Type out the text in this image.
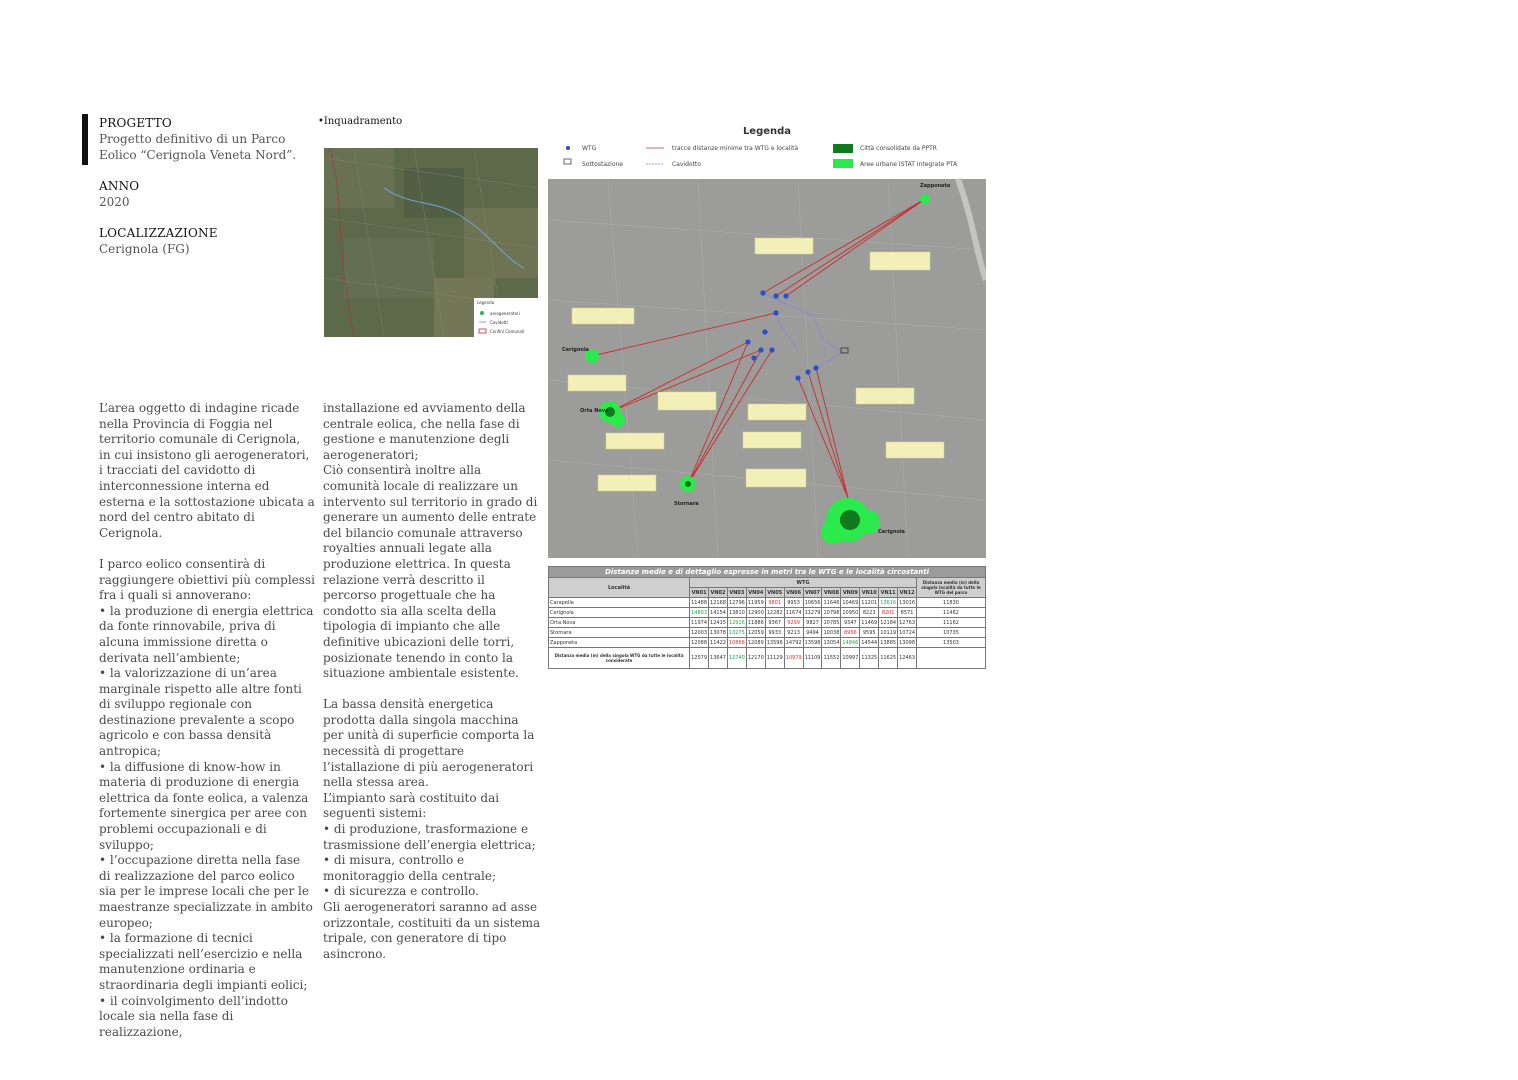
PROGETTO
Progetto definitivo di un Parco Eolico “Cerignola Veneta Nord”.
ANNO
2020
LOCALIZZAZIONE
Cerignola (FG)
•Inquadramento
Legenda
aerogeneratori
Cavidotti
Confini Comunali
L’area oggetto di indagine ricade nella Provincia di Foggia nel territorio comunale di Cerignola, in cui insistono gli aerogeneratori, i tracciati del cavidotto di interconnessione interna ed esterna e la sottostazione ubicata a nord del centro abitato di Cerignola.

I parco eolico consentirà di raggiungere obiettivi più complessi fra i quali si annoverano:
• la produzione di energia elettrica da fonte rinnovabile, priva di alcuna immissione diretta o derivata nell’ambiente;
• la valorizzazione di un’area marginale rispetto alle altre fonti di sviluppo regionale con destinazione prevalente a scopo agricolo e con bassa densità antropica;
• la diffusione di know-how in materia di produzione di energia elettrica da fonte eolica, a valenza fortemente sinergica per aree con problemi occupazionali e di sviluppo;
• l’occupazione diretta nella fase di realizzazione del parco eolico sia per le imprese locali che per le maestranze specializzate in ambito europeo;
• la formazione di tecnici specializzati nell’esercizio e nella manutenzione ordinaria e straordinaria degli impianti eolici;
• il coinvolgimento dell’indotto locale sia nella fase di realizzazione,
installazione ed avviamento della centrale eolica, che nella fase di gestione e manutenzione degli aerogeneratori;
Ciò consentirà inoltre alla comunità locale di realizzare un intervento sul territorio in grado di generare un aumento delle entrate del bilancio comunale attraverso royalties annuali legate alla produzione elettrica. In questa relazione verrà descritto il percorso progettuale che ha condotto sia alla scelta della tipologia di impianto che alle definitive ubicazioni delle torri, posizionate tenendo in conto la situazione ambientale esistente.

La bassa densità energetica prodotta dalla singola macchina per unità di superficie comporta la necessità di progettare l’istallazione di più aerogeneratori nella stessa area.
L’impianto sarà costituito dai seguenti sistemi:
• di produzione, trasformazione e trasmissione dell’energia elettrica;
• di misura, controllo e monitoraggio della centrale;
• di sicurezza e controllo.
Gli aerogeneratori saranno ad asse orizzontale, costituiti da un sistema tripale, con generatore di tipo asincrono.
Legenda
WTG
Sottostazione
tracce distanze minime tra WTG e località
Cavidotto
Città consolidate da PPTR
Aree urbane ISTAT integrate PTA
Zapponeta
Cerignola
Orta Nova
Stornara
Cerignola
Distanze medie e di dettaglio espresse in metri tra le WTG e le località circostanti													
Località	WTG												Distanza media (m) della singola località da tutte le WTG del parco
	VN01	VN02	VN03	VN04	VN05	VN06	VN07	VN08	VN09	VN10	VN11	VN12	
Carapelle	11488	12168	12796	11959	9801	9953	10656	11646	10469	11201	13616	13016	11830
Cerignola	14803	14154	13810	12900	12282	11674	11279	10798	10950	8223	8201	8571	11462
Orta Nova	11974	12415	12916	11886	9367	9299	9827	10785	9347	11469	12184	12763	11162
Stornara	12003	13078	13275	12059	9933	9213	9494	10038	8956	9595	10119	10724	10735
Zapponeta	12088	11422	10866	12089	13596	14792	13598	13054	14846	14544	13885	13098	13503
Distanza media (m) della singola WTG da tutte le località considerate	12579	13647	12740	12170	11129	10979	11109	11552	10997	11325	11625	12463	
